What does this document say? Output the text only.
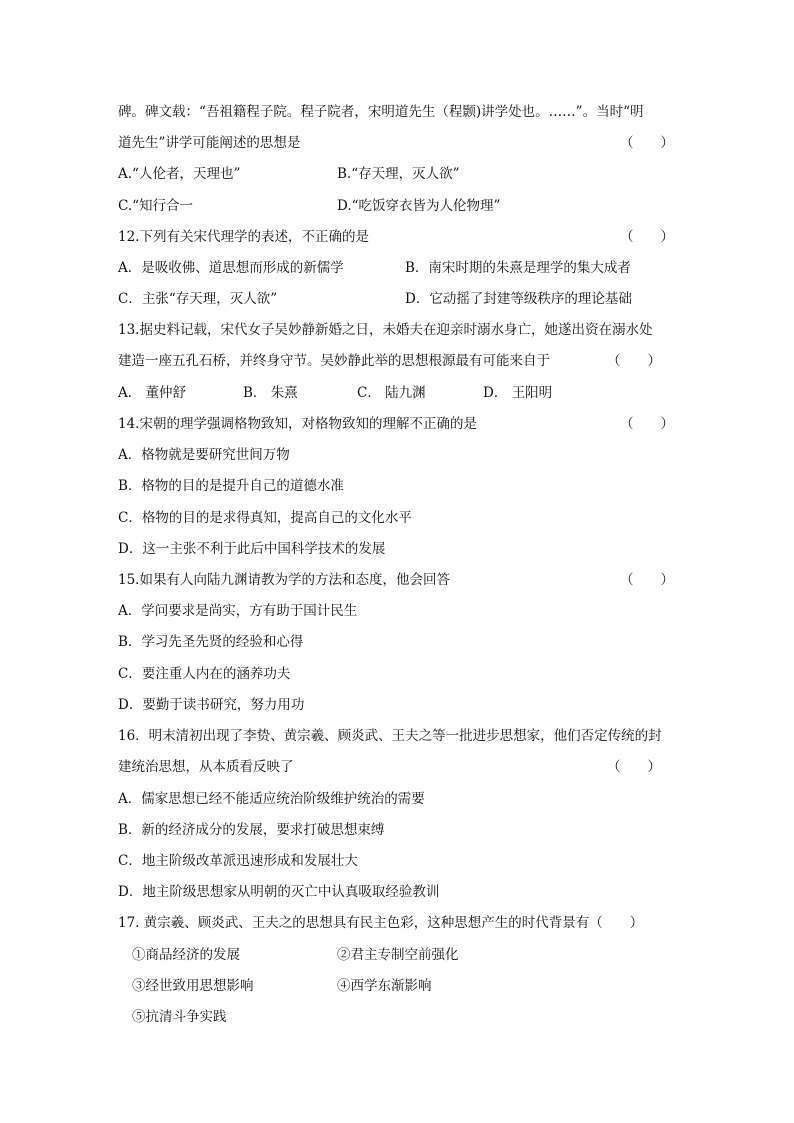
碑。碑文载：“吾祖籍程子院。程子院者，宋明道先生（程颢)讲学处也。……”。当时“明
道先生”讲学可能阐述的思想是	（　　）
A.“人伦者，天理也”	B.“存天理，灭人欲”
C.“知行合一	D.“吃饭穿衣皆为人伦物理”
12.下列有关宋代理学的表述，不正确的是	（　　）
A．是吸收佛、道思想而形成的新儒学	B．南宋时期的朱熹是理学的集大成者
C．主张“存天理，灭人欲”	D．它动摇了封建等级秩序的理论基础
13.据史料记载，宋代女子吴妙静新婚之日，未婚夫在迎亲时溺水身亡，她遂出资在溺水处
建造一座五孔石桥，并终身守节。吴妙静此举的思想根源最有可能来自于	（　　）
A． 董仲舒	B． 朱熹	C． 陆九渊	D． 王阳明
14.宋朝的理学强调格物致知，对格物致知的理解不正确的是	（　　）
A．格物就是要研究世间万物
B．格物的目的是提升自己的道德水准
C．格物的目的是求得真知，提高自己的文化水平
D．这一主张不利于此后中国科学技术的发展
15.如果有人向陆九渊请教为学的方法和态度，他会回答	（　　）
A．学问要求是尚实，方有助于国计民生
B．学习先圣先贤的经验和心得
C．要注重人内在的涵养功夫
D．要勤于读书研究，努力用功
16．明末清初出现了李贽、黄宗羲、顾炎武、王夫之等一批进步思想家，他们否定传统的封
建统治思想，从本质看反映了	（　　）
A．儒家思想已经不能适应统治阶级维护统治的需要
B．新的经济成分的发展，要求打破思想束缚
C．地主阶级改革派迅速形成和发展壮大
D．地主阶级思想家从明朝的灭亡中认真吸取经验教训
17. 黄宗羲、顾炎武、王夫之的思想具有民主色彩，这种思想产生的时代背景有（　　）
①商品经济的发展	②君主专制空前强化
③经世致用思想影响	④西学东渐影响
⑤抗清斗争实践
